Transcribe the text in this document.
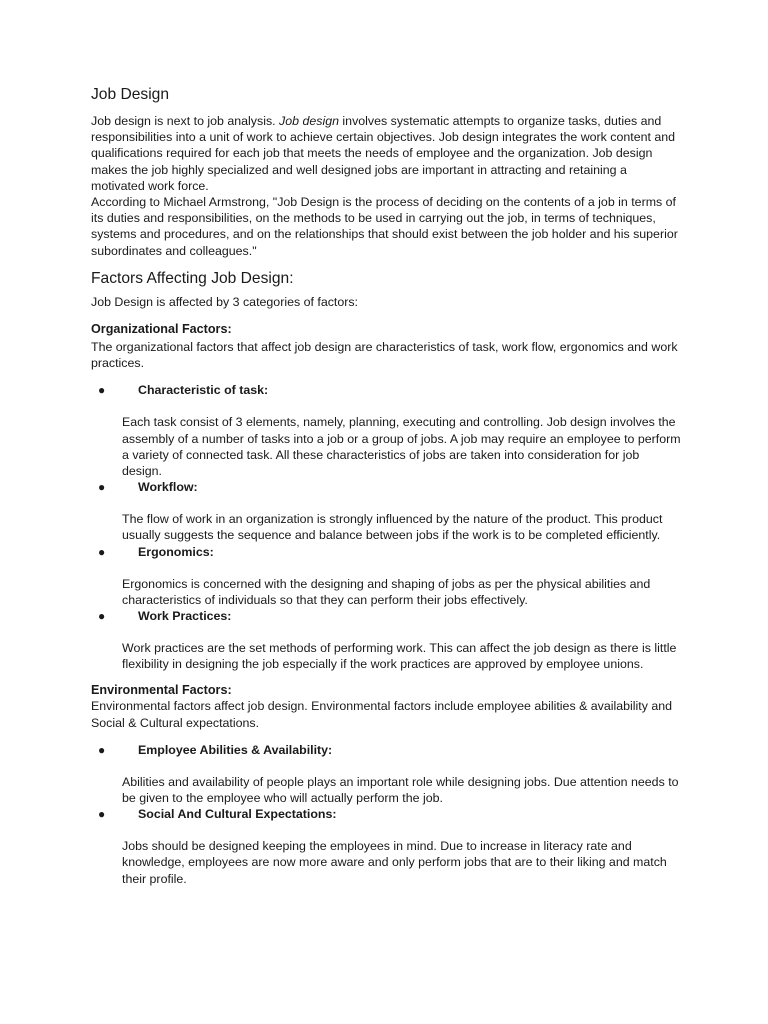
Job Design

Job design is next to job analysis. Job design involves systematic attempts to organize tasks, duties and responsibilities into a unit of work to achieve certain objectives. Job design integrates the work content and qualifications required for each job that meets the needs of employee and the organization. Job design makes the job highly specialized and well designed jobs are important in attracting and retaining a motivated work force.

According to Michael Armstrong, "Job Design is the process of deciding on the contents of a job in terms of its duties and responsibilities, on the methods to be used in carrying out the job, in terms of techniques, systems and procedures, and on the relationships that should exist between the job holder and his superior subordinates and colleagues."

Factors Affecting Job Design:

Job Design is affected by 3 categories of factors:

Organizational Factors:

The organizational factors that affect job design are characteristics of task, work flow, ergonomics and work practices.

●	Characteristic of task:

Each task consist of 3 elements, namely, planning, executing and controlling. Job design involves the assembly of a number of tasks into a job or a group of jobs. A job may require an employee to perform a variety of connected task. All these characteristics of jobs are taken into consideration for job design.

●	Workflow:

The flow of work in an organization is strongly influenced by the nature of the product. This product usually suggests the sequence and balance between jobs if the work is to be completed efficiently.

●	Ergonomics:

Ergonomics is concerned with the designing and shaping of jobs as per the physical abilities and characteristics of individuals so that they can perform their jobs effectively.

●	Work Practices:

Work practices are the set methods of performing work. This can affect the job design as there is little flexibility in designing the job especially if the work practices are approved by employee unions.

Environmental Factors:

Environmental factors affect job design. Environmental factors include employee abilities & availability and Social & Cultural expectations.

●	Employee Abilities & Availability:

Abilities and availability of people plays an important role while designing jobs. Due attention needs to be given to the employee who will actually perform the job.

●	Social And Cultural Expectations:

Jobs should be designed keeping the employees in mind. Due to increase in literacy rate and knowledge, employees are now more aware and only perform jobs that are to their liking and match their profile.
